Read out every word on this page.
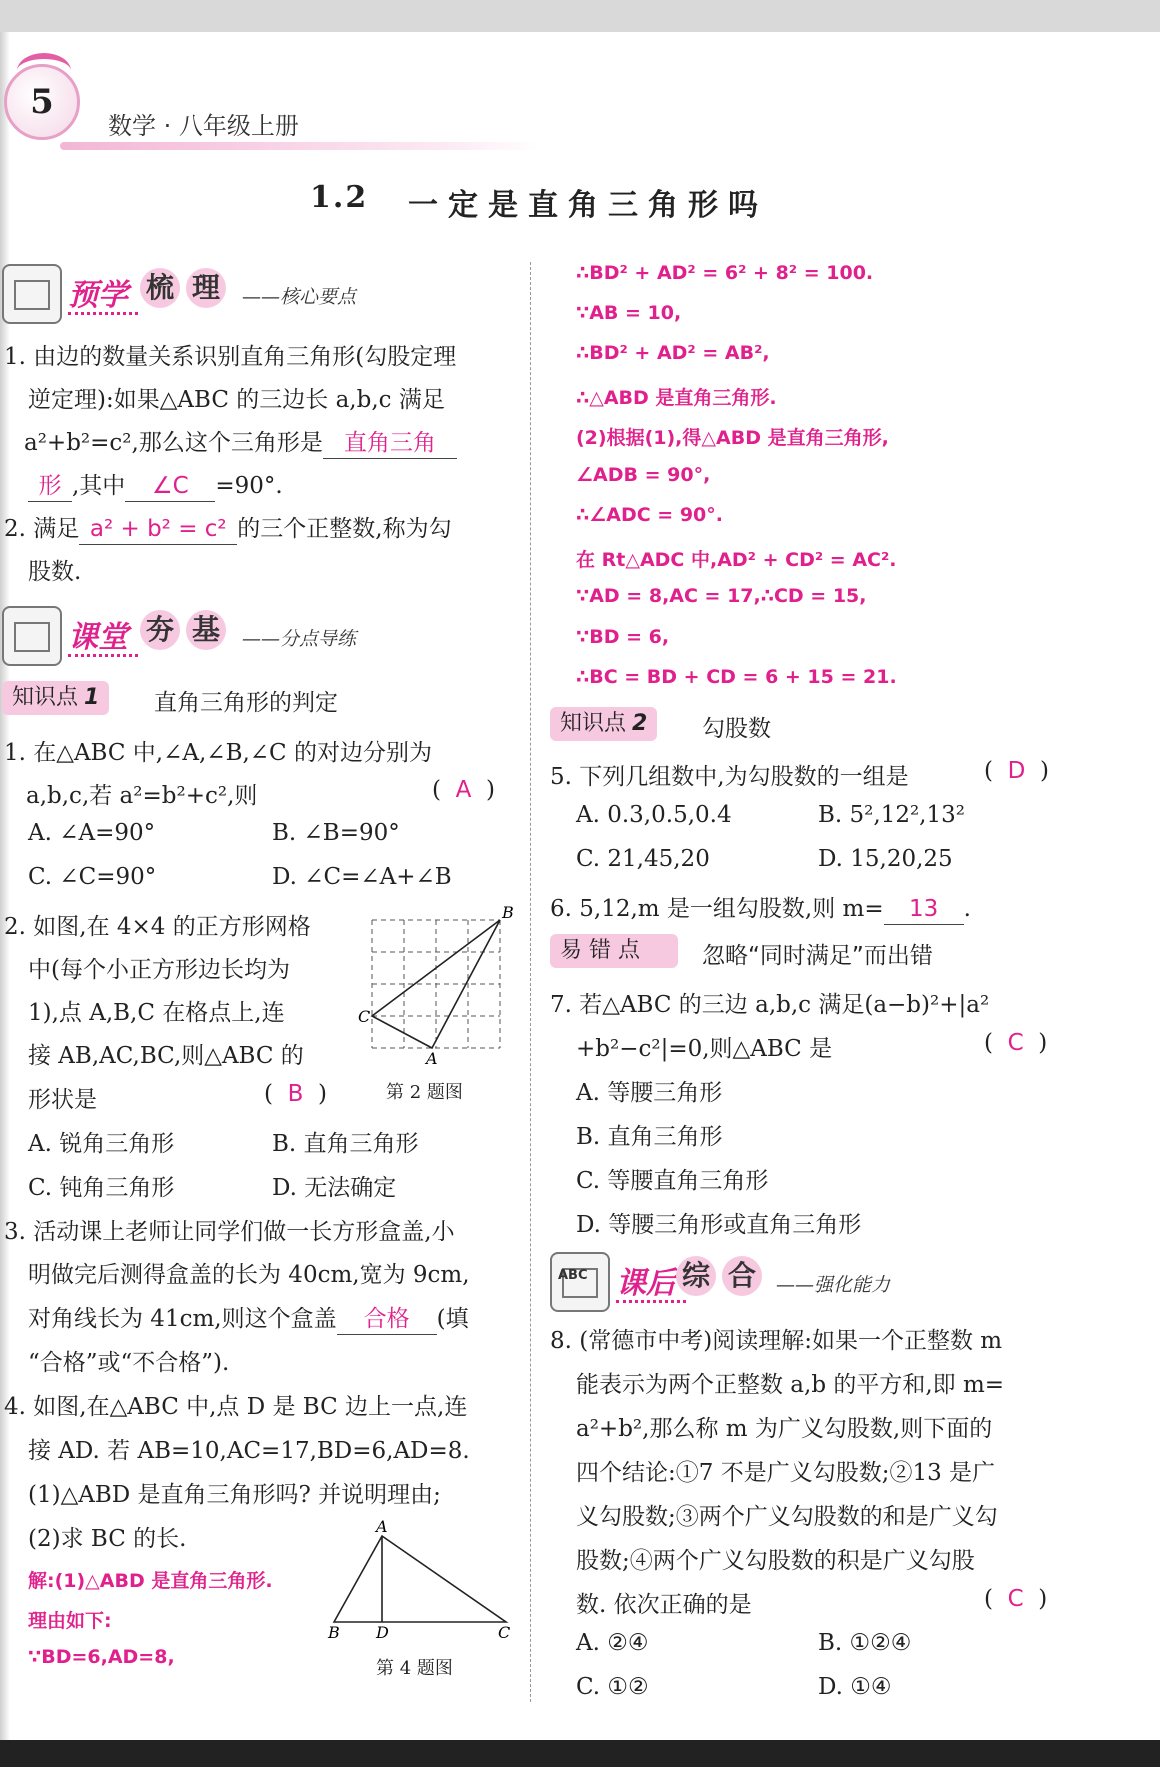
5
数学 · 八年级上册
1.2 一定是直角三角形吗
预学 梳 理	——核心要点
1. 由边的数量关系识别直角三角形(勾股定理
逆定理):如果△ABC 的三边长 a,b,c 满足
a²+b²=c²,那么这个三角形是 直角三角
形 ,其中 ∠C =90°.
2. 满足 a² + b² = c² 的三个正整数,称为勾
股数.
课堂 夯 基	——分点导练
知识点 1	直角三角形的判定
1. 在△ABC 中,∠A,∠B,∠C 的对边分别为
a,b,c,若 a²=b²+c²,则	(  A  )
A. ∠A=90°	B. ∠B=90°
C. ∠C=90°	D. ∠C=∠A+∠B
2. 如图,在 4×4 的正方形网格
中(每个小正方形边长均为
1),点 A,B,C 在格点上,连
接 AB,AC,BC,则△ABC 的
形状是	(  B  )
B
C
A
第 2 题图
A. 锐角三角形	B. 直角三角形
C. 钝角三角形	D. 无法确定
3. 活动课上老师让同学们做一长方形盒盖,小
明做完后测得盒盖的长为 40cm,宽为 9cm,
对角线长为 41cm,则这个盒盖 合格 (填
“合格”或“不合格”).
4. 如图,在△ABC 中,点 D 是 BC 边上一点,连
接 AD. 若 AB=10,AC=17,BD=6,AD=8.
(1)△ABD 是直角三角形吗? 并说明理由;
(2)求 BC 的长.
解:(1)△ABD 是直角三角形.
理由如下:
∵BD=6,AD=8,
A
B D	C
第 4 题图
∴BD² + AD² = 6² + 8² = 100.
∵AB = 10,
∴BD² + AD² = AB²,
∴△ABD 是直角三角形.
(2)根据(1),得△ABD 是直角三角形,
∠ADB = 90°,
∴∠ADC = 90°.
在 Rt△ADC 中,AD² + CD² = AC².
∵AD = 8,AC = 17,∴CD = 15,
∵BD = 6,
∴BC = BD + CD = 6 + 15 = 21.
知识点 2	勾股数
5. 下列几组数中,为勾股数的一组是	(  D  )
A. 0.3,0.5,0.4	B. 5²,12²,13²
C. 21,45,20	D. 15,20,25
6. 5,12,m 是一组勾股数,则 m= 13 .
易 错 点	忽略“同时满足”而出错
7. 若△ABC 的三边 a,b,c 满足(a−b)²+|a²
+b²−c²|=0,则△ABC 是	(  C  )
A. 等腰三角形
B. 直角三角形
C. 等腰直角三角形
D. 等腰三角形或直角三角形
ABC 课后 综 合	——强化能力
8. (常德市中考)阅读理解:如果一个正整数 m
能表示为两个正整数 a,b 的平方和,即 m=
a²+b²,那么称 m 为广义勾股数,则下面的
四个结论:①7 不是广义勾股数;②13 是广
义勾股数;③两个广义勾股数的和是广义勾
股数;④两个广义勾股数的积是广义勾股
数. 依次正确的是	(  C  )
A. ②④	B. ①②④
C. ①②	D. ①④
